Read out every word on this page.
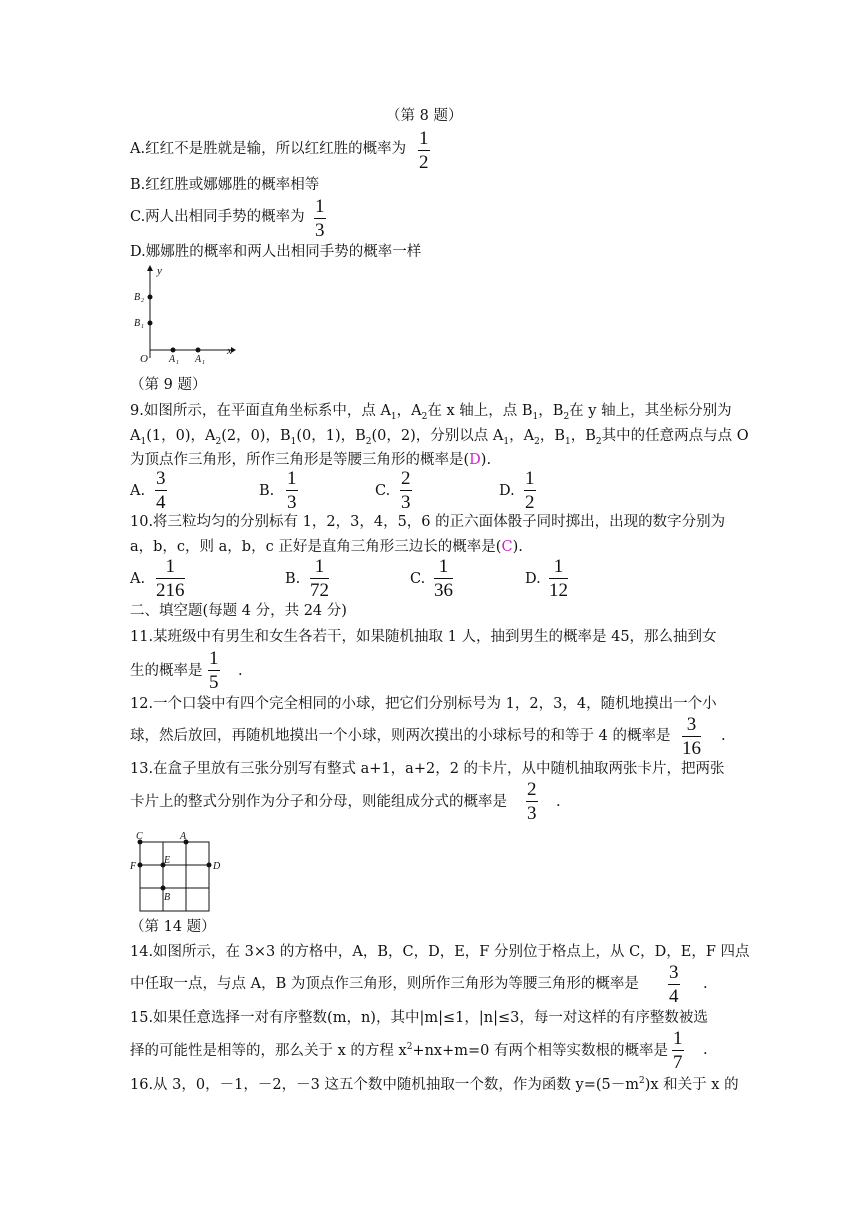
（第 8 题）
A.红红不是胜就是输，所以红红胜的概率为 $\frac{1}{2}$
B.红红胜或娜娜胜的概率相等
C.两人出相同手势的概率为 $\frac{1}{3}$
D.娜娜胜的概率和两人出相同手势的概率一样
y
x
O
B 2
B 1
A 1 A 1
（第 9 题）
9.如图所示，在平面直角坐标系中，点 $A_1$，$A_2$在 x 轴上，点 $B_1$，$B_2$在 y 轴上，其坐标分别为
$A_1(1$，0)，$A_2(2$，0)，$B_1(0$，1)，$B_2(0$，2)，分别以点 $A_1$，$A_2$，$B_1$，$B_2$其中的任意两点与点 O
为顶点作三角形，所作三角形是等腰三角形的概率是(D).
A. $\frac{3}{4}$	B. $\frac{1}{3}$	C. $\frac{2}{3}$	D. $\frac{1}{2}$
10.将三粒均匀的分别标有 1，2，3，4，5，6 的正六面体骰子同时掷出，出现的数字分别为
a，b，c，则 a，b，c 正好是直角三角形三边长的概率是(C).
A. $\frac{1}{216}$	B. $\frac{1}{72}$	C. $\frac{1}{36}$	D. $\frac{1}{12}$
二、填空题(每题 4 分，共 24 分)
11.某班级中有男生和女生各若干，如果随机抽取 1 人，抽到男生的概率是 45，那么抽到女
生的概率是 $\frac{1}{5}$ .
12.一个口袋中有四个完全相同的小球，把它们分别标号为 1，2，3，4，随机地摸出一个小
球，然后放回，再随机地摸出一个小球，则两次摸出的小球标号的和等于 4 的概率是 $\frac{3}{16}$ .
13.在盒子里放有三张分别写有整式 a+1，a+2，2 的卡片，从中随机抽取两张卡片，把两张
卡片上的整式分别作为分子和分母，则能组成分式的概率是 $\frac{2}{3}$ .
C	A
F
E
D
B
（第 14 题）
14.如图所示，在 3×3 的方格中，A，B，C，D，E，F 分别位于格点上，从 C，D，E，F 四点
中任取一点，与点 A，B 为顶点作三角形，则所作三角形为等腰三角形的概率是 $\frac{3}{4}$ .
15.如果任意选择一对有序整数(m，n)，其中|m|≤1，|n|≤3，每一对这样的有序整数被选
择的可能性是相等的，那么关于 x 的方程 $x^2+nx+m=0$ 有两个相等实数根的概率是 $\frac{1}{7}$ .
16.从 3，0，－1，－2，－3 这五个数中随机抽取一个数，作为函数 $y=(5-m^2)x$ 和关于 x 的
